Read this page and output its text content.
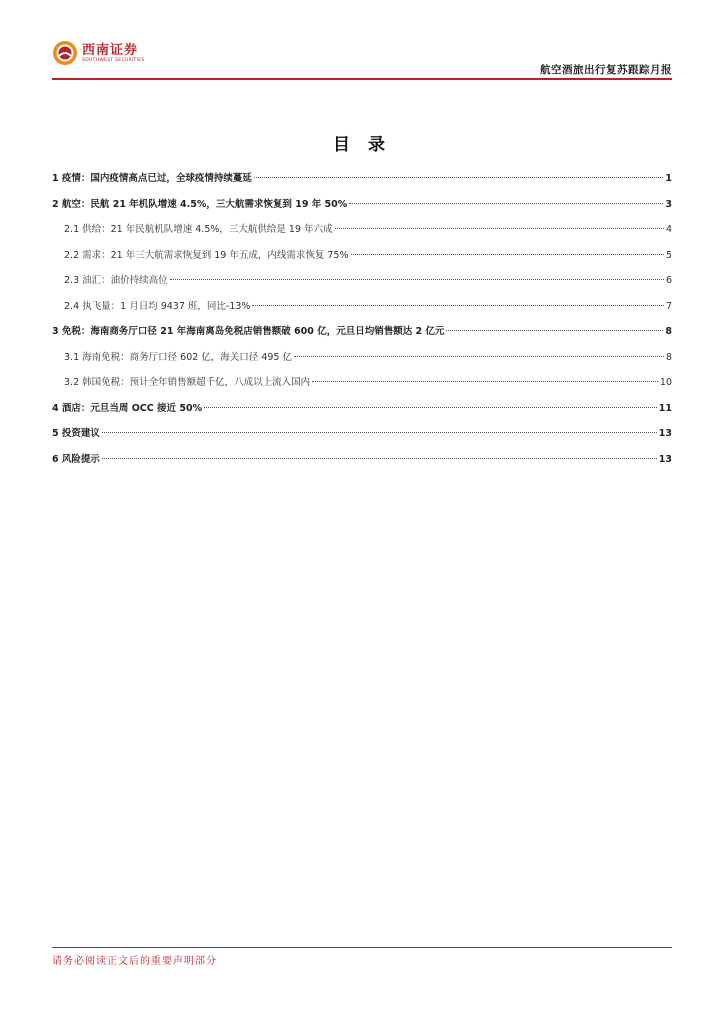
西南证券
SOUTHWEST SECURITIES
航空酒旅出行复苏跟踪月报
目 录
1 疫情：国内疫情高点已过，全球疫情持续蔓延	1
2 航空：民航 21 年机队增速 4.5%，三大航需求恢复到 19 年 50%	3
2.1 供给：21 年民航机队增速 4.5%，三大航供给是 19 年六成	4
2.2 需求：21 年三大航需求恢复到 19 年五成，内线需求恢复 75%	5
2.3 油汇：油价持续高位	6
2.4 执飞量：1 月日均 9437 班，同比-13%	7
3 免税：海南商务厅口径 21 年海南离岛免税店销售额破 600 亿，元旦日均销售额达 2 亿元	8
3.1 海南免税：商务厅口径 602 亿，海关口径 495 亿	8
3.2 韩国免税：预计全年销售额超千亿，八成以上流入国内	10
4 酒店：元旦当周 OCC 接近 50%	11
5 投资建议	13
6 风险提示	13
请务必阅读正文后的重要声明部分
